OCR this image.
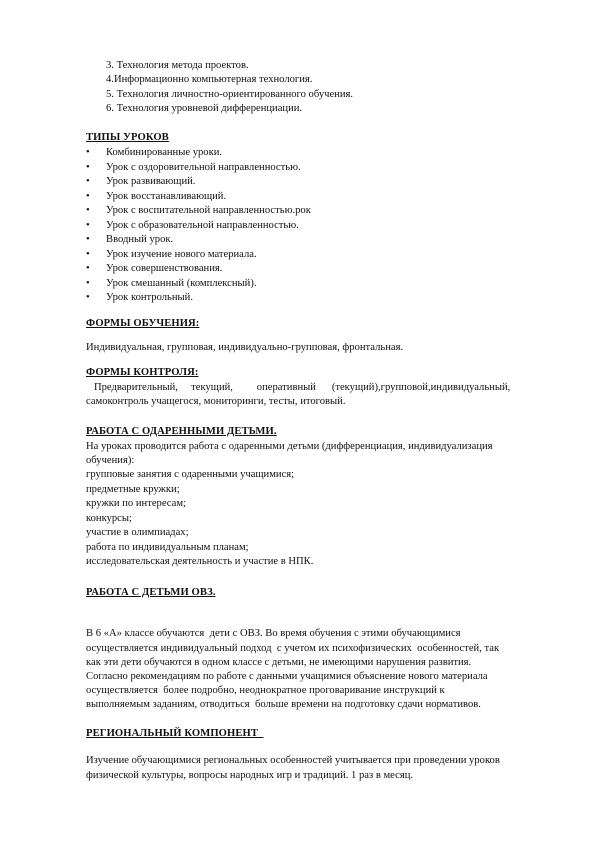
3. Технология метода проектов.
4.Информационно компьютерная технология.
5. Технология личностно-ориентированного обучения.
6. Технология уровневой дифференциации.
ТИПЫ УРОКОВ
• Комбинированные уроки.
• Урок с оздоровительной направленностью.
• Урок развивающий.
• Урок восстанавливающий.
• Урок с воспитательной направленностью.рок
• Урок с образовательной направленностью.
• Вводный урок.
• Урок изучение нового материала.
• Урок совершенствования.
• Урок смешанный (комплексный).
• Урок контрольный.
ФОРМЫ ОБУЧЕНИЯ:
Индивидуальная, групповая, индивидуально-групповая, фронтальная.
ФОРМЫ КОНТРОЛЯ:
Предварительный,     текущий,         оперативный      (текущий),групповой,индивидуальный,
самоконтроль учащегося, мониторинги, тесты, итоговый.
РАБОТА С ОДАРЕННЫМИ ДЕТЬМИ.
На уроках проводится работа с одаренными детьми (дифференциация, индивидуализация
обучения):
групповые занятия с одаренными учащимися;
предметные кружки;
кружки по интересам;
конкурсы;
участие в олимпиадах;
работа по индивидуальным планам;
исследовательская деятельность и участие в НПК.
РАБОТА С ДЕТЬМИ ОВЗ.
В 6 «А» классе обучаются  дети с ОВЗ. Во время обучения с этими обучающимися
осуществляется индивидуальный подход  с учетом их психофизических  особенностей, так
как эти дети обучаются в одном классе с детьми, не имеющими нарушения развития.
Согласно рекомендациям по работе с данными учащимися объяснение нового материала
осуществляется  более подробно, неоднократное проговаривание инструкций к
выполняемым заданиям, отводиться  больше времени на подготовку сдачи нормативов.
РЕГИОНАЛЬНЫЙ КОМПОНЕНТ
Изучение обучающимися региональных особенностей учитывается при проведении уроков
физической культуры, вопросы народных игр и традиций. 1 раз в месяц.
